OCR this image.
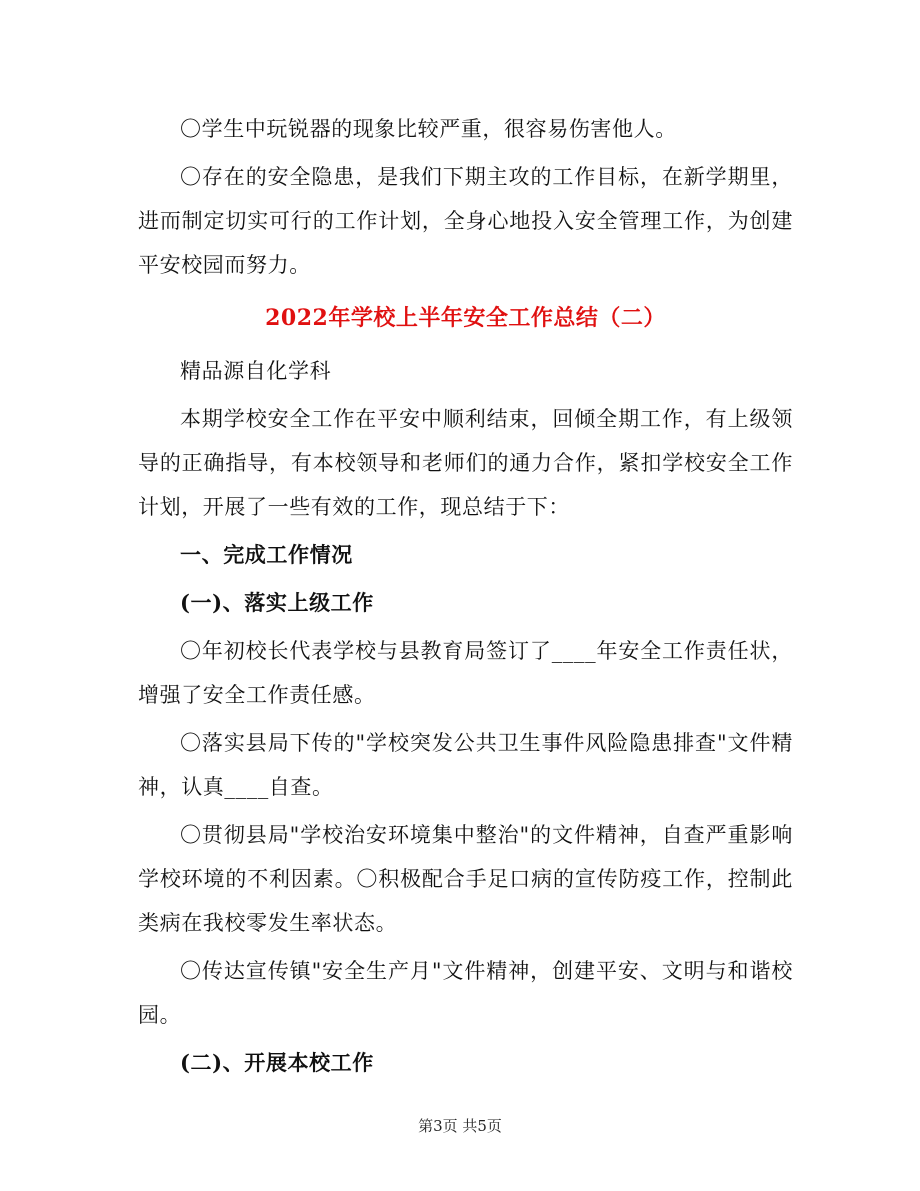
〇学生中玩锐器的现象比较严重，很容易伤害他人。

〇存在的安全隐患，是我们下期主攻的工作目标，在新学期里，进而制定切实可行的工作计划，全身心地投入安全管理工作，为创建平安校园而努力。

2022年学校上半年安全工作总结（二）

精品源自化学科

本期学校安全工作在平安中顺利结束，回倾全期工作，有上级领导的正确指导，有本校领导和老师们的通力合作，紧扣学校安全工作计划，开展了一些有效的工作，现总结于下：

一、完成工作情况

(一)、落实上级工作

〇年初校长代表学校与县教育局签订了____年安全工作责任状，增强了安全工作责任感。

〇落实县局下传的"学校突发公共卫生事件风险隐患排查"文件精神，认真____自查。

〇贯彻县局"学校治安环境集中整治"的文件精神，自查严重影响学校环境的不利因素。〇积极配合手足口病的宣传防疫工作，控制此类病在我校零发生率状态。

〇传达宣传镇"安全生产月"文件精神，创建平安、文明与和谐校园。

(二)、开展本校工作

第3页 共5页
